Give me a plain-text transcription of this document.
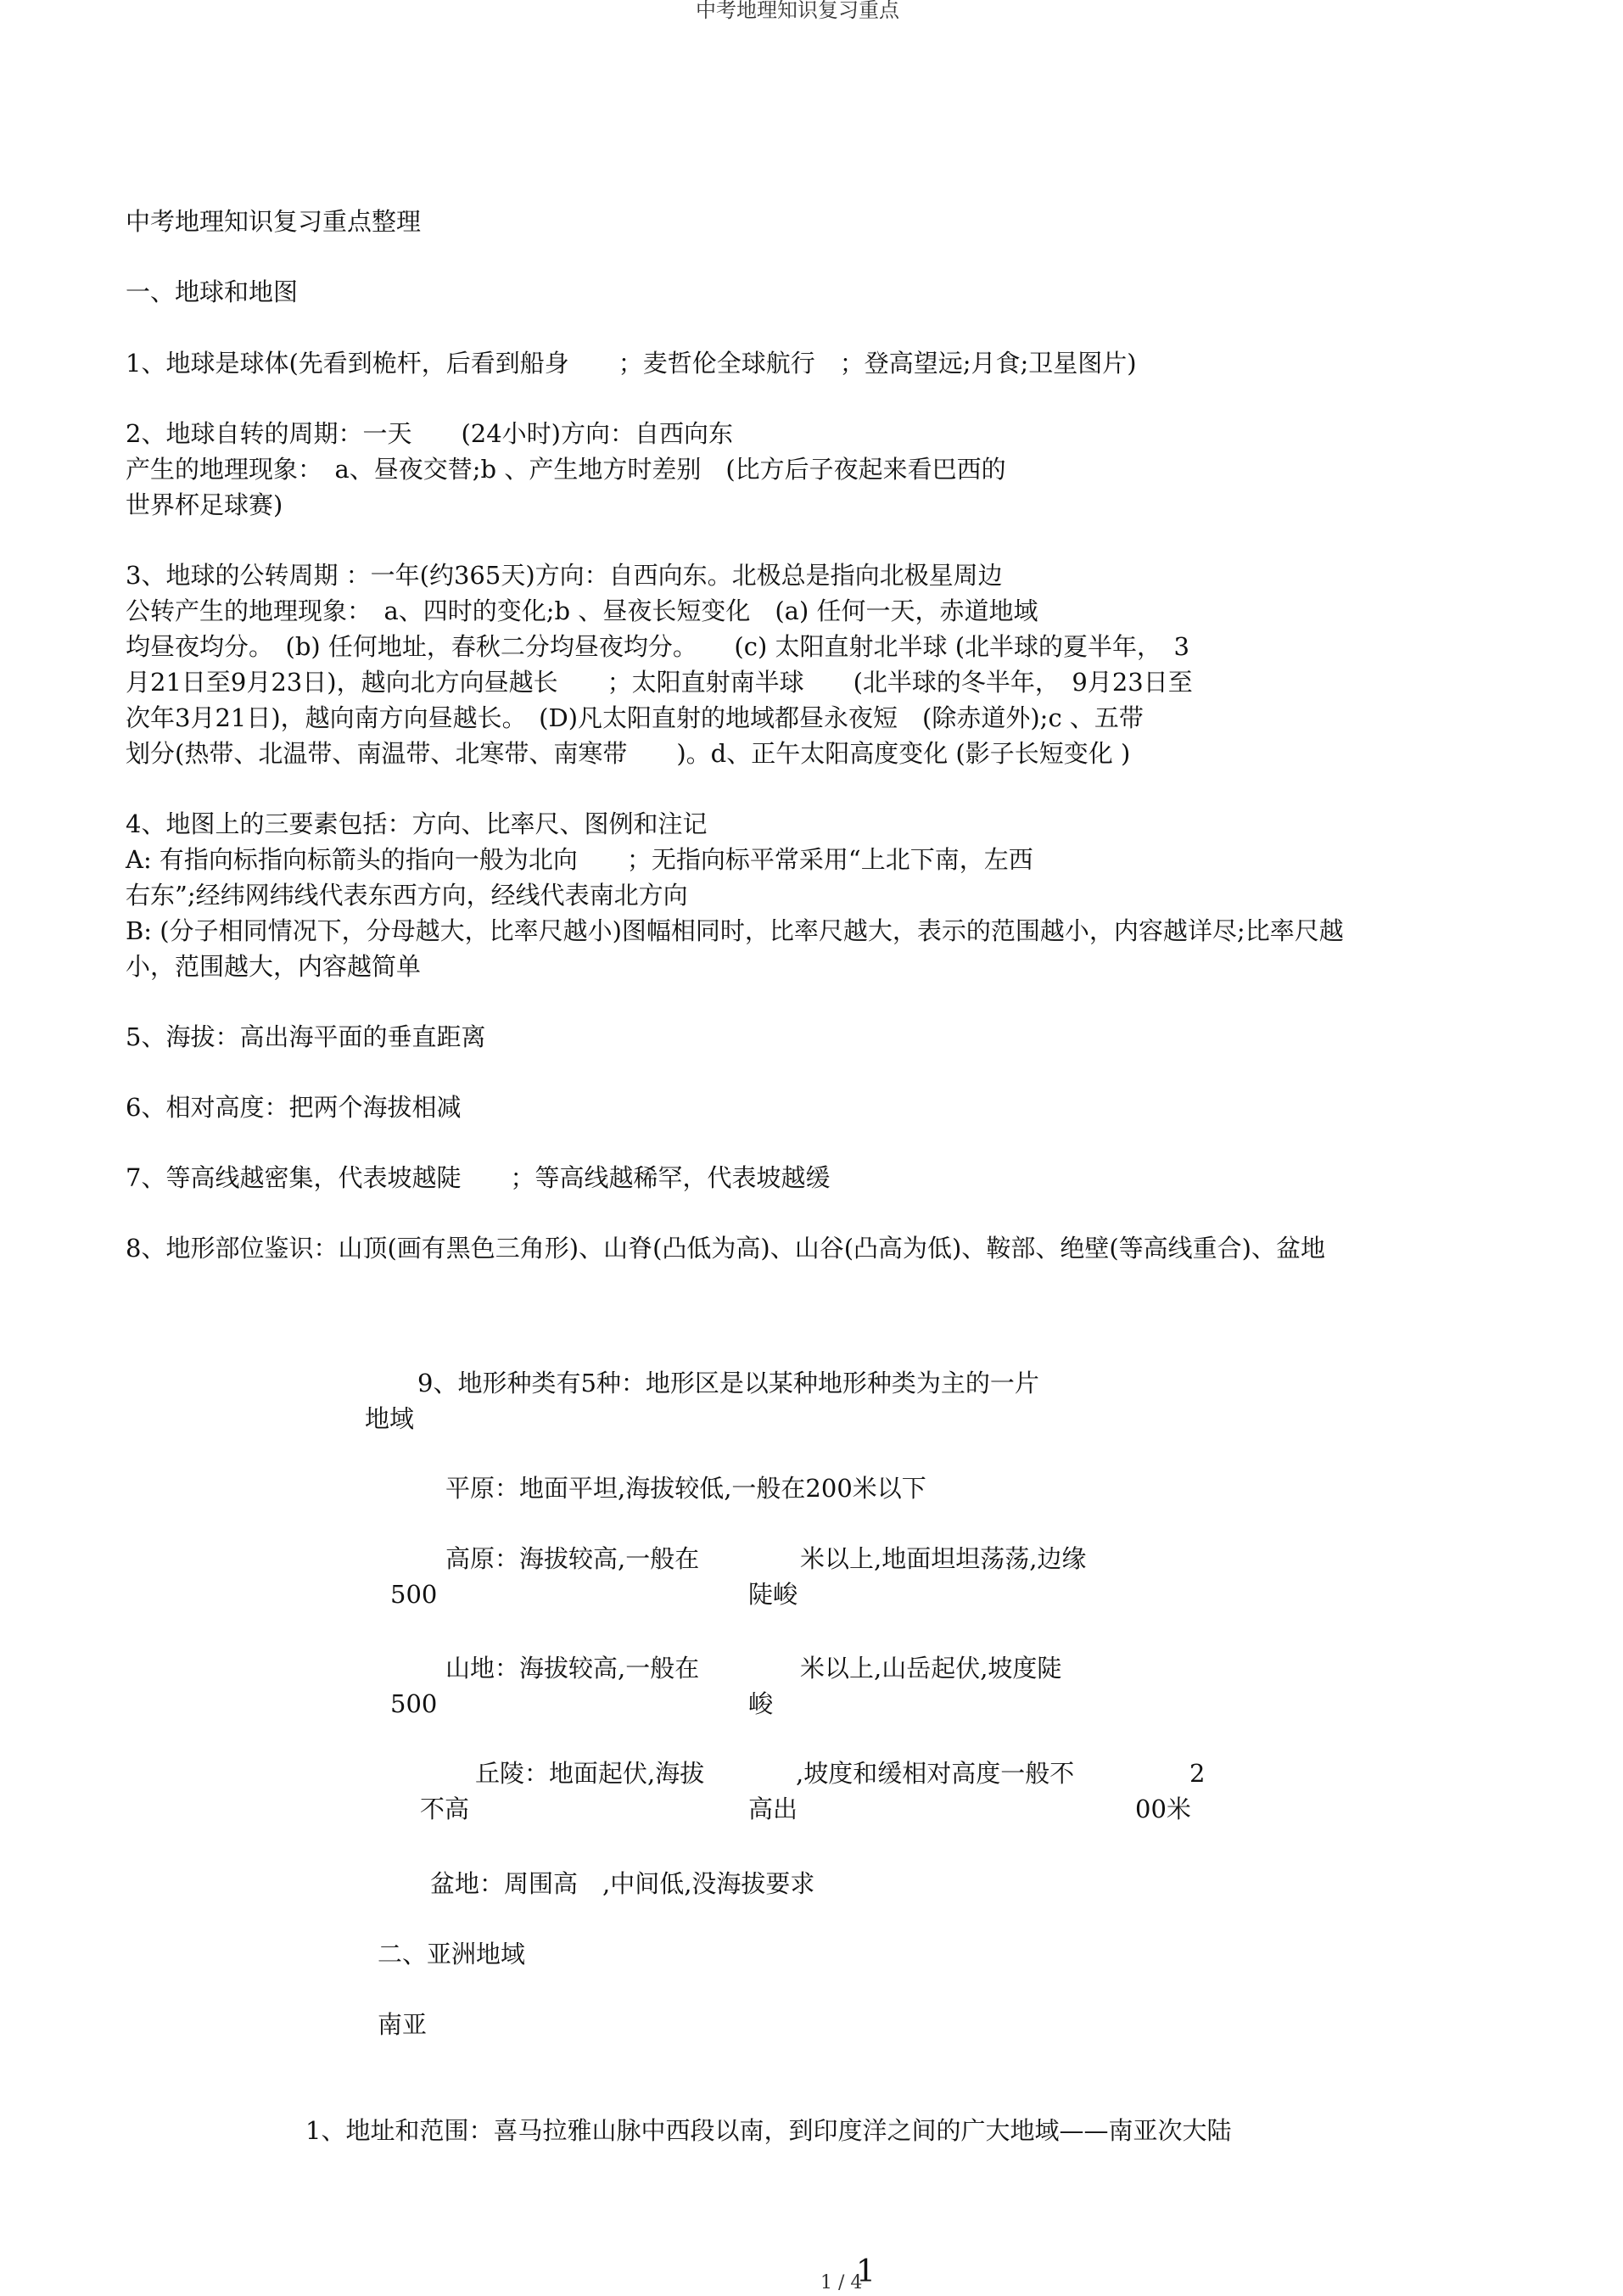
中考地理知识复习重点
中考地理知识复习重点整理
一、地球和地图
1、地球是球体(先看到桅杆，后看到船身　　；麦哲伦全球航行　；登高望远;月食;卫星图片)
2、地球自转的周期：一天　　(24小时)方向：自西向东
产生的地理现象：　a、昼夜交替;b 、产生地方时差别　(比方后子夜起来看巴西的
世界杯足球赛)
3、地球的公转周期 ：一年(约365天)方向：自西向东。北极总是指向北极星周边
公转产生的地理现象：　a、四时的变化;b 、昼夜长短变化　(a) 任何一天，赤道地域
均昼夜均分。　(b) 任何地址，春秋二分均昼夜均分。　　(c) 太阳直射北半球 (北半球的夏半年，　3
月21日至9月23日)，越向北方向昼越长　　；太阳直射南半球　　(北半球的冬半年，　9月23日至
次年3月21日)，越向南方向昼越长。　(D)凡太阳直射的地域都昼永夜短　(除赤道外);c 、五带
划分(热带、北温带、南温带、北寒带、南寒带　　)。d、正午太阳高度变化 (影子长短变化 )
4、地图上的三要素包括：方向、比率尺、图例和注记
A: 有指向标指向标箭头的指向一般为北向　　；无指向标平常采用“上北下南，左西
右东”;经纬网纬线代表东西方向，经线代表南北方向
B: (分子相同情况下，分母越大，比率尺越小)图幅相同时，比率尺越大，表示的范围越小，内容越详尽;比率尺越
小，范围越大，内容越简单
5、海拔：高出海平面的垂直距离
6、相对高度：把两个海拔相减
7、等高线越密集，代表坡越陡　　；等高线越稀罕，代表坡越缓
8、地形部位鉴识：山顶(画有黑色三角形)、山脊(凸低为高)、山谷(凸高为低)、鞍部、绝壁(等高线重合)、盆地
9、地形种类有5种：地形区是以某种地形种类为主的一片
地域
平原：地面平坦,海拔较低,一般在200米以下
高原：海拔较高,一般在	米以上,地面坦坦荡荡,边缘
500	陡峻
山地：海拔较高,一般在	米以上,山岳起伏,坡度陡
500	峻
丘陵：地面起伏,海拔	,坡度和缓相对高度一般不	2
不高	高出	00米
盆地：周围高　,中间低,没海拔要求
二、亚洲地域
南亚
1、地址和范围：喜马拉雅山脉中西段以南，到印度洋之间的广大地域——南亚次大陆
1 / 4
1
